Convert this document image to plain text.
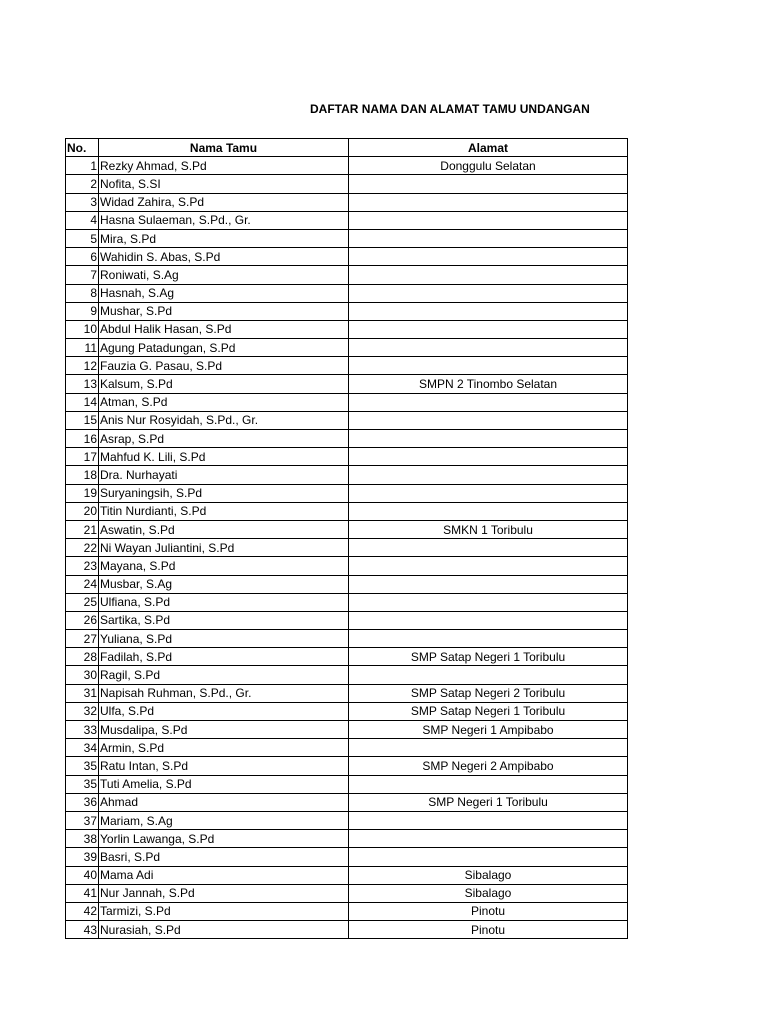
DAFTAR NAMA DAN ALAMAT TAMU UNDANGAN
No.	Nama Tamu	Alamat
1	Rezky Ahmad, S.Pd	Donggulu Selatan
2	Nofita, S.SI	
3	Widad Zahira, S.Pd	
4	Hasna Sulaeman, S.Pd., Gr.	
5	Mira, S.Pd	
6	Wahidin S. Abas, S.Pd	
7	Roniwati, S.Ag	
8	Hasnah, S.Ag	
9	Mushar, S.Pd	
10	Abdul Halik Hasan, S.Pd	
11	Agung Patadungan, S.Pd	
12	Fauzia G. Pasau, S.Pd	
13	Kalsum, S.Pd	SMPN 2 Tinombo Selatan
14	Atman, S.Pd	
15	Anis Nur Rosyidah, S.Pd., Gr.	
16	Asrap, S.Pd	
17	Mahfud K. Lili, S.Pd	
18	Dra. Nurhayati	
19	Suryaningsih, S.Pd	
20	Titin Nurdianti, S.Pd	
21	Aswatin, S.Pd	SMKN 1 Toribulu
22	Ni Wayan Juliantini, S.Pd	
23	Mayana, S.Pd	
24	Musbar, S.Ag	
25	Ulfiana, S.Pd	
26	Sartika, S.Pd	
27	Yuliana, S.Pd	
28	Fadilah, S.Pd	SMP Satap Negeri 1 Toribulu
30	Ragil, S.Pd	
31	Napisah Ruhman, S.Pd., Gr.	SMP Satap Negeri 2 Toribulu
32	Ulfa, S.Pd	SMP Satap Negeri 1 Toribulu
33	Musdalipa, S.Pd	SMP Negeri 1 Ampibabo
34	Armin, S.Pd	
35	Ratu Intan, S.Pd	SMP Negeri 2 Ampibabo
35	Tuti Amelia, S.Pd	
36	Ahmad	SMP Negeri 1 Toribulu
37	Mariam, S.Ag	
38	Yorlin Lawanga, S.Pd	
39	Basri, S.Pd	
40	Mama Adi	Sibalago
41	Nur Jannah, S.Pd	Sibalago
42	Tarmizi, S.Pd	Pinotu
43	Nurasiah, S.Pd	Pinotu
